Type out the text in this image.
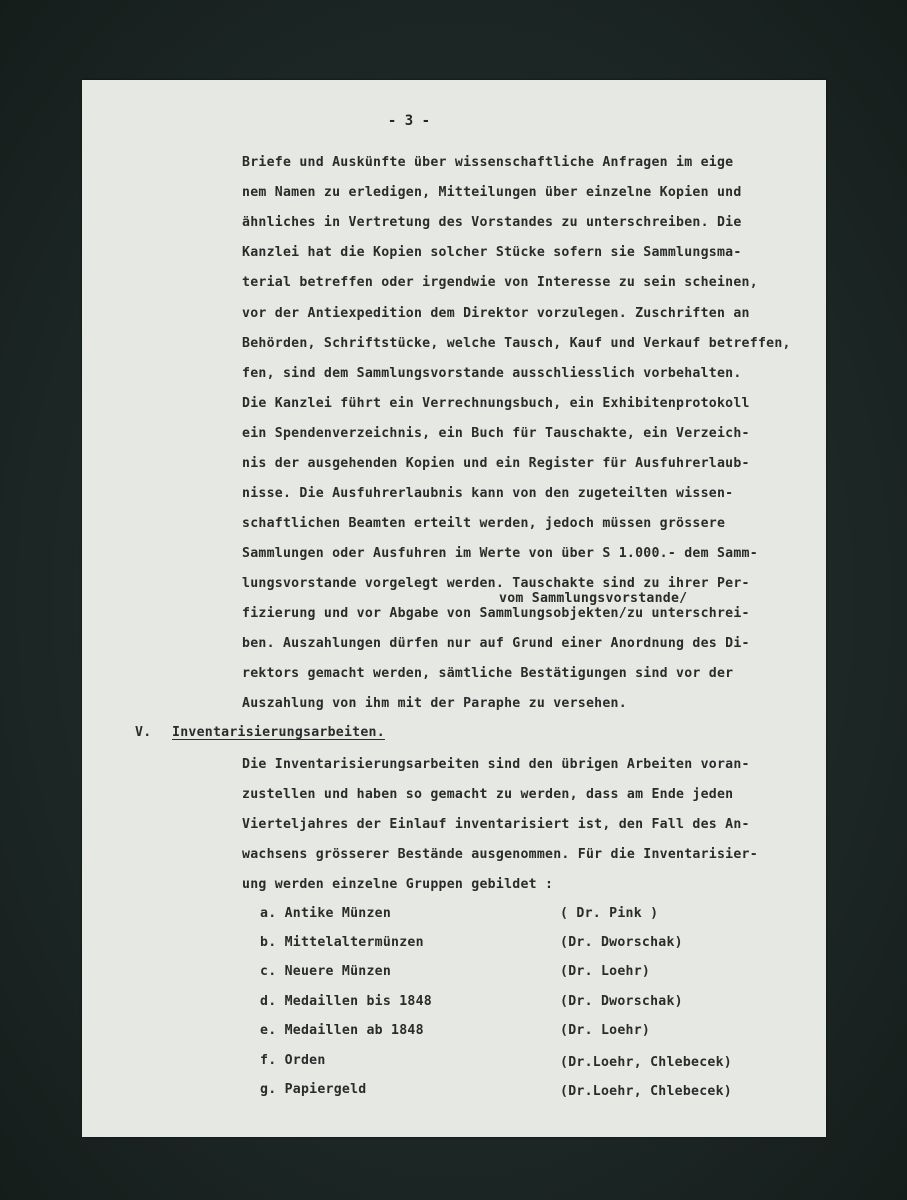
- 3 -
Briefe und Auskünfte über wissenschaftliche Anfragen im eige
nem Namen zu erledigen, Mitteilungen über einzelne Kopien und
ähnliches in Vertretung des Vorstandes zu unterschreiben. Die
Kanzlei hat die Kopien solcher Stücke sofern sie Sammlungsma-
terial betreffen oder irgendwie von Interesse zu sein scheinen,
vor der Antiexpedition dem Direktor vorzulegen. Zuschriften an
Behörden, Schriftstücke, welche Tausch, Kauf und Verkauf betreffen,
fen, sind dem Sammlungsvorstande ausschliesslich vorbehalten.
Die Kanzlei führt ein Verrechnungsbuch, ein Exhibitenprotokoll
ein Spendenverzeichnis, ein Buch für Tauschakte, ein Verzeich-
nis der ausgehenden Kopien und ein Register für Ausfuhrerlaub-
nisse. Die Ausfuhrerlaubnis kann von den zugeteilten wissen-
schaftlichen Beamten erteilt werden, jedoch müssen grössere
Sammlungen oder Ausfuhren im Werte von über S 1.000.- dem Samm-
lungsvorstande vorgelegt werden. Tauschakte sind zu ihrer Per-
vom Sammlungsvorstande/
fizierung und vor Abgabe von Sammlungsobjekten/zu unterschrei-
ben. Auszahlungen dürfen nur auf Grund einer Anordnung des Di-
rektors gemacht werden, sämtliche Bestätigungen sind vor der
Auszahlung von ihm mit der Paraphe zu versehen.
V. Inventarisierungsarbeiten.
Die Inventarisierungsarbeiten sind den übrigen Arbeiten voran-
zustellen und haben so gemacht zu werden, dass am Ende jeden
Vierteljahres der Einlauf inventarisiert ist, den Fall des An-
wachsens grösserer Bestände ausgenommen. Für die Inventarisier-
ung werden einzelne Gruppen gebildet :
a. Antike Münzen	( Dr. Pink )
b. Mittelaltermünzen	(Dr. Dworschak)
c. Neuere Münzen	(Dr. Loehr)
d. Medaillen bis 1848	(Dr. Dworschak)
e. Medaillen ab 1848	(Dr. Loehr)
f. Orden	(Dr.Loehr, Chlebecek)
g. Papiergeld	(Dr.Loehr, Chlebecek)
